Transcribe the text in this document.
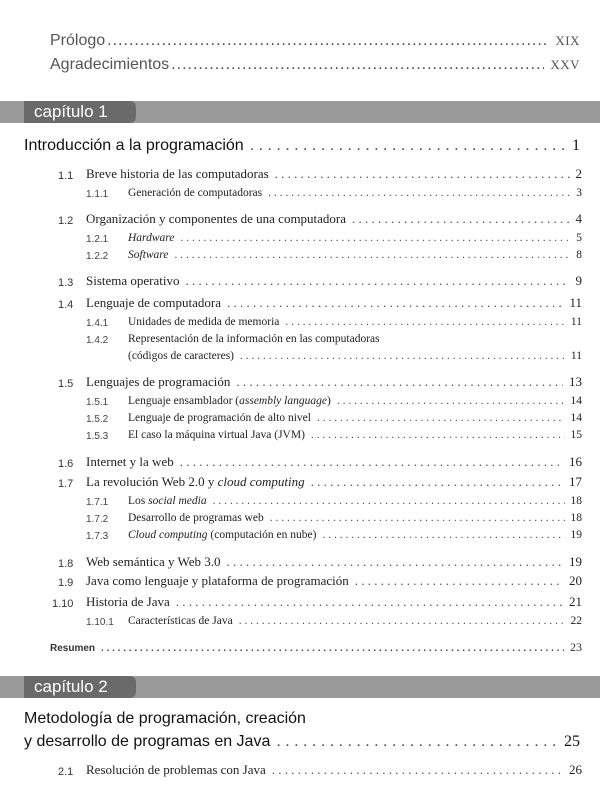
Prólogo .....	XIX
Agradecimientos .....	XXV
capítulo 1
Introducción a la programación . . .	1
1.1 Breve historia de las computadoras . . .	2
1.1.1 Generación de computadoras . . .	3
1.2 Organización y componentes de una computadora . . .	4
1.2.1 Hardware . . .	5
1.2.2 Software . . .	8
1.3 Sistema operativo . . .	9
1.4 Lenguaje de computadora . . .	11
1.4.1 Unidades de medida de memoria . . .	11
1.4.2 Representación de la información en las computadoras
(códigos de caracteres) . . .	11
1.5 Lenguajes de programación . . .	13
1.5.1 Lenguaje ensamblador (assembly language) . . .	14
1.5.2 Lenguaje de programación de alto nivel . . .	14
1.5.3 El caso la máquina virtual Java (JVM) . . .	15
1.6 Internet y la web . . .	16
1.7 La revolución Web 2.0 y cloud computing . . .	17
1.7.1 Los social media . . .	18
1.7.2 Desarrollo de programas web . . .	18
1.7.3 Cloud computing (computación en nube) . . .	19
1.8 Web semántica y Web 3.0 . . .	19
1.9 Java como lenguaje y plataforma de programación . . .	20
1.10 Historia de Java . . .	21
1.10.1 Características de Java . . .	22
Resumen . . .	23
capítulo 2
Metodología de programación, creación
y desarrollo de programas en Java . . .	25
2.1 Resolución de problemas con Java . . .	26
